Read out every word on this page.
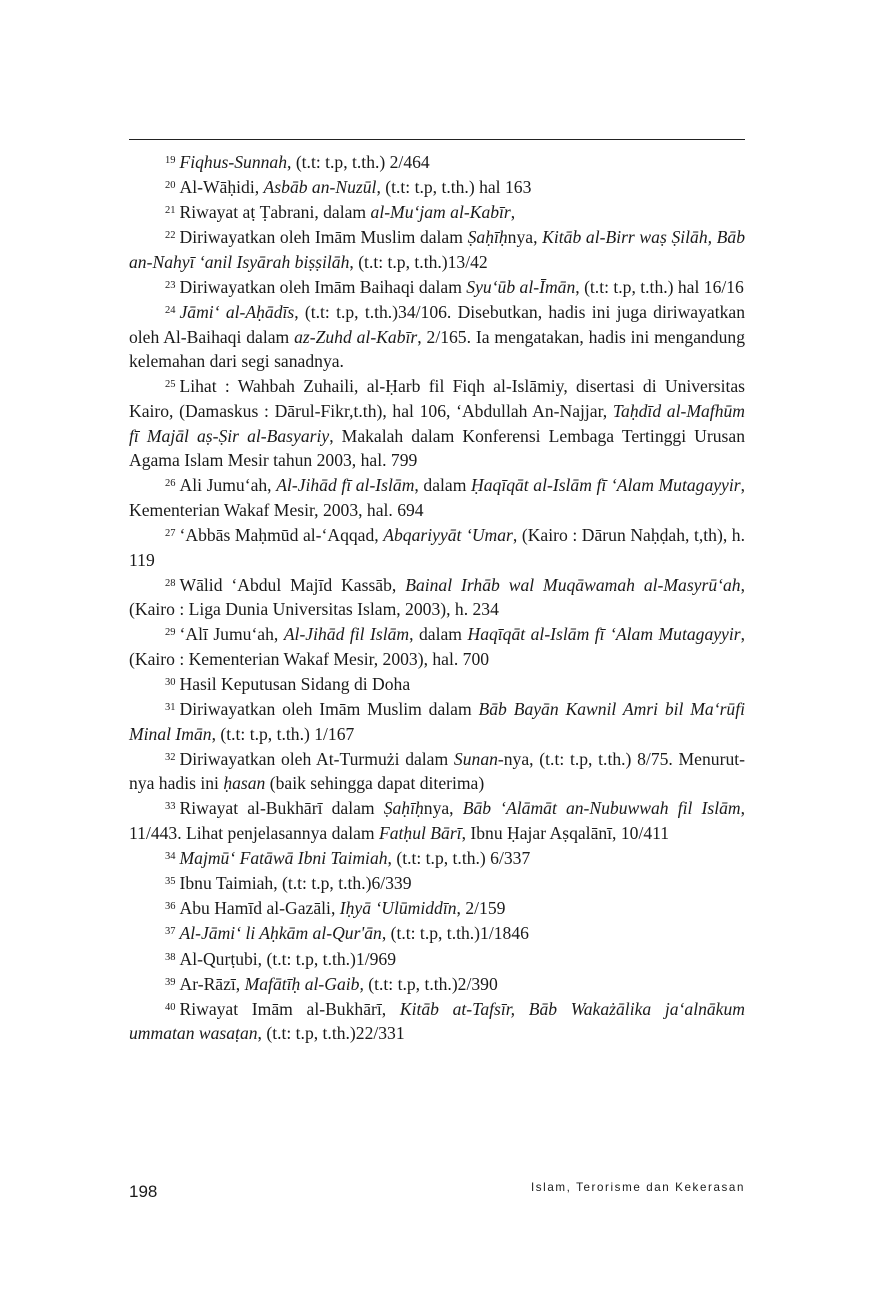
$^{19}$ Fiqhus-Sunnah, (t.t: t.p, t.th.) 2/464

$^{20}$ Al-Wāḥidi, Asbāb an-Nuzūl, (t.t: t.p, t.th.) hal 163

$^{21}$ Riwayat aṭ Ṭabrani, dalam al-Mu‘jam al-Kabīr,

$^{22}$ Diriwayatkan oleh Imām Muslim dalam Ṣaḥīḥnya, Kitāb al-Birr waṣ Ṣilāh, Bāb an-Nahyī ‘anil Isyārah biṣṣilāh, (t.t: t.p, t.th.)13/42

$^{23}$ Diriwayatkan oleh Imām Baihaqi dalam Syu‘ūb al-Īmān, (t.t: t.p, t.th.) hal 16/16

$^{24}$ Jāmi‘ al-Aḥādīs, (t.t: t.p, t.th.)34/106. Disebutkan, hadis ini juga diriwayatkan oleh Al-Baihaqi dalam az-Zuhd al-Kabīr, 2/165. Ia mengatakan, hadis ini mengandung kelemahan dari segi sanadnya.

$^{25}$ Lihat : Wahbah Zuhaili, al-Ḥarb fil Fiqh al-Islāmiy, disertasi di Universitas Kairo, (Damaskus : Dārul-Fikr,t.th), hal 106, ‘Abdullah An-Najjar, Taḥdīd al-Mafhūm fī Majāl aṣ-Ṣir al-Basyariy, Makalah dalam Konferensi Lembaga Tertinggi Urusan Agama Islam Mesir tahun 2003, hal. 799

$^{26}$ Ali Jumu‘ah, Al-Jihād fī al-Islām, dalam Ḥaqīqāt al-Islām fī ‘Alam Mutagayyir, Kementerian Wakaf Mesir, 2003, hal. 694

$^{27}$ ‘Abbās Maḥmūd al-‘Aqqad, Abqariyyāt ‘Umar, (Kairo : Dārun Naḥḍah, t,th), h. 119

$^{28}$ Wālid ‘Abdul Majīd Kassāb, Bainal Irhāb wal Muqāwamah al-Masyrū‘ah, (Kairo : Liga Dunia Universitas Islam, 2003), h. 234

$^{29}$ ‘Alī Jumu‘ah, Al-Jihād fil Islām, dalam Haqīqāt al-Islām fī ‘Alam Mutagayyir, (Kairo : Kementerian Wakaf Mesir, 2003), hal. 700

$^{30}$ Hasil Keputusan Sidang di Doha

$^{31}$ Diriwayatkan oleh Imām Muslim dalam Bāb Bayān Kawnil Amri bil Ma‘rūfi Minal Imān, (t.t: t.p, t.th.) 1/167

$^{32}$ Diriwayatkan oleh At-Turmużi dalam Sunan-nya, (t.t: t.p, t.th.) 8/75. Menurut-nya hadis ini ḥasan (baik sehingga dapat diterima)

$^{33}$ Riwayat al-Bukhārī dalam Ṣaḥīḥnya, Bāb ‘Alāmāt an-Nubuwwah fil Islām, 11/443. Lihat penjelasannya dalam Fatḥul Bārī, Ibnu Ḥajar Aṣqalānī, 10/411

$^{34}$ Majmū‘ Fatāwā Ibni Taimiah, (t.t: t.p, t.th.) 6/337

$^{35}$ Ibnu Taimiah, (t.t: t.p, t.th.)6/339

$^{36}$ Abu Hamīd al-Gazāli, Iḥyā ‘Ulūmiddīn, 2/159

$^{37}$ Al-Jāmi‘ li Aḥkām al-Qur'ān, (t.t: t.p, t.th.)1/1846

$^{38}$ Al-Qurṭubi, (t.t: t.p, t.th.)1/969

$^{39}$ Ar-Rāzī, Mafātīḥ al-Gaib, (t.t: t.p, t.th.)2/390

$^{40}$ Riwayat Imām al-Bukhārī, Kitāb at-Tafsīr, Bāb Wakażālika ja‘alnākum ummatan wasaṭan, (t.t: t.p, t.th.)22/331

198	Islam, Terorisme dan Kekerasan
